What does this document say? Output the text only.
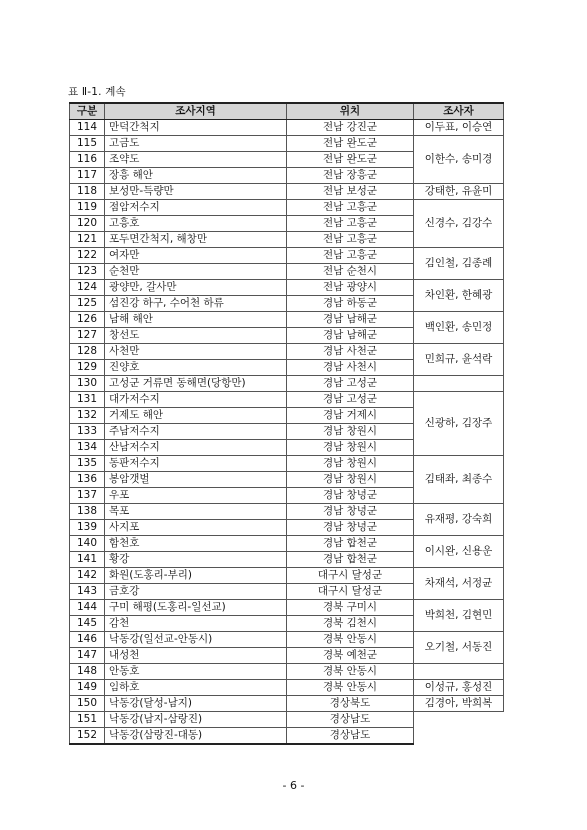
표 Ⅱ-1. 계속
구분	조사지역	위치	조사자
114	만덕간척지	전남 강진군	이두표, 이승연
115	고금도	전남 완도군	이한수, 송미경
116	조약도	전남 완도군	
117	장흥 해안	전남 장흥군	
118	보성만-득량만	전남 보성군	강태한, 유윤미
119	점암저수지	전남 고흥군	신경수, 김강수
120	고흥호	전남 고흥군	
121	포두면간척지, 해창만	전남 고흥군	
122	여자만	전남 고흥군	김인철, 김종례
123	순천만	전남 순천시	
124	광양만, 갈사만	전남 광양시	차인환, 한혜광
125	섬진강 하구, 수어천 하류	경남 하동군	
126	남해 해안	경남 남해군	백인환, 송민정
127	창선도	경남 남해군	
128	사천만	경남 사천군	민희규, 윤석락
129	진양호	경남 사천시	
130	고성군 거류면 동해면(당항만)	경남 고성군	
131	대가저수지	경남 고성군	신광하, 김장주
132	거제도 해안	경남 거제시	
133	주남저수지	경남 창원시	
134	산남저수지	경남 창원시	
135	동판저수지	경남 창원시	김태좌, 최종수
136	봉암갯벌	경남 창원시	
137	우포	경남 창녕군	
138	목포	경남 창녕군	유재평, 강숙희
139	사지포	경남 창녕군	
140	함천호	경남 합천군	이시완, 신용운
141	황강	경남 합천군	
142	화원(도홍리-부리)	대구시 달성군	차재석, 서정균
143	금호강	대구시 달성군	
144	구미 해평(도홍리-일선교)	경북 구미시	박희천, 김현민
145	감천	경북 김천시	
146	낙동강(일선교-안동시)	경북 안동시	오기철, 서동진
147	내성천	경북 예천군	
148	안동호	경북 안동시	
149	임하호	경북 안동시	이성규, 홍성진
150	낙동강(달성-남지)	경상북도	김경아, 박희복
151	낙동강(남지-삼랑진)	경상남도	
152	낙동강(삼랑진-대동)	경상남도	
- 6 -
